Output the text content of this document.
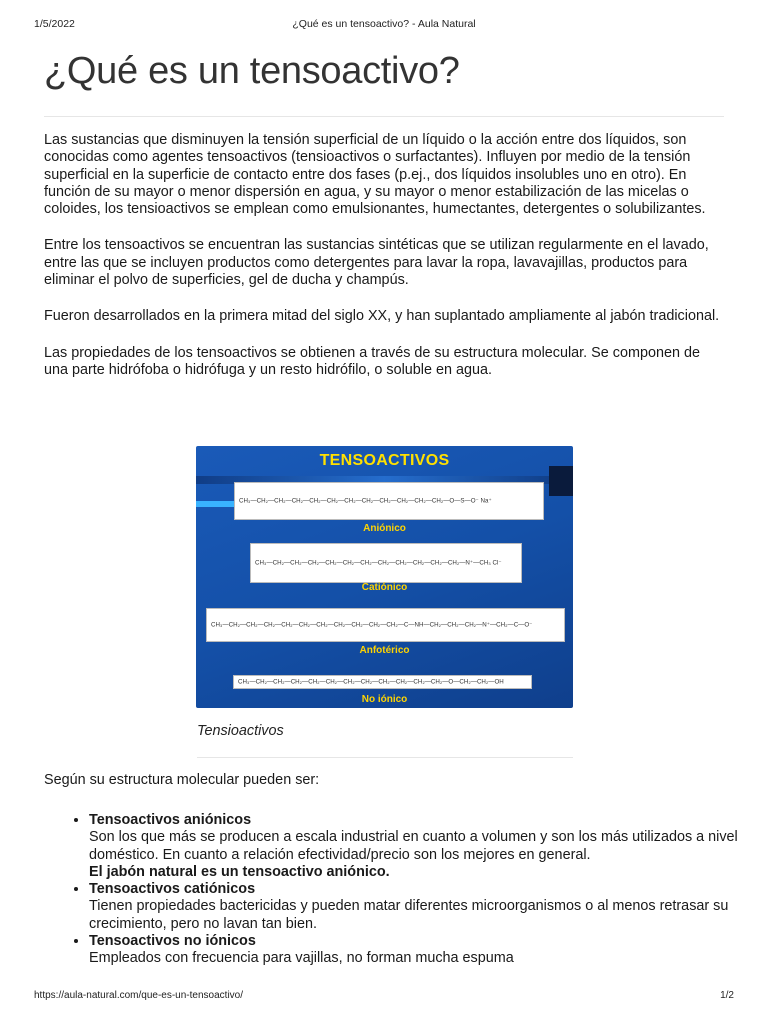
1/5/2022	¿Qué es un tensoactivo? - Aula Natural
¿Qué es un tensoactivo?

Las sustancias que disminuyen la tensión superficial de un líquido o la acción entre dos líquidos, son conocidas como agentes tensoactivos (tensioactivos o surfactantes). Influyen por medio de la tensión superficial en la superficie de contacto entre dos fases (p.ej., dos líquidos insolubles uno en otro). En función de su mayor o menor dispersión en agua, y su mayor o menor estabilización de las micelas o coloides, los tensioactivos se emplean como emulsionantes, humectantes, detergentes o solubilizantes.

Entre los tensoactivos se encuentran las sustancias sintéticas que se utilizan regularmente en el lavado, entre las que se incluyen productos como detergentes para lavar la ropa, lavavajillas, productos para eliminar el polvo de superficies, gel de ducha y champús.

Fueron desarrollados en la primera mitad del siglo XX, y han suplantado ampliamente al jabón tradicional.

Las propiedades de los tensoactivos se obtienen a través de su estructura molecular. Se componen de una parte hidrófoba o hidrófuga y un resto hidrófilo, o soluble en agua.

TENSOACTIVOS
CH₃—CH₂—CH₂—CH₂—CH₂—CH₂—CH₂—CH₂—CH₂—CH₂—CH₂—CH₂—O—S—O⁻ Na⁺
Aniónico
CH₃—CH₂—CH₂—CH₂—CH₂—CH₂—CH₂—CH₂—CH₂—CH₂—CH₂—CH₂—N⁺—CH₃ Cl⁻
Catiónico
CH₃—CH₂—CH₂—CH₂—CH₂—CH₂—CH₂—CH₂—CH₂—CH₂—CH₂—C—NH—CH₂—CH₂—CH₂—N⁺—CH₂—C—O⁻
Anfotérico
CH₃—CH₂—CH₂—CH₂—CH₂—CH₂—CH₂—CH₂—CH₂—CH₂—CH₂—CH₂—O—CH₂—CH₂—OH
No iónico
Tensioactivos
Según su estructura molecular pueden ser:
• Tensoactivos aniónicos
Son los que más se producen a escala industrial en cuanto a volumen y son los más utilizados a nivel doméstico. En cuanto a relación efectividad/precio son los mejores en general.
El jabón natural es un tensoactivo aniónico.
• Tensoactivos catiónicos
Tienen propiedades bactericidas y pueden matar diferentes microorganismos o al menos retrasar su crecimiento, pero no lavan tan bien.
• Tensoactivos no iónicos
Empleados con frecuencia para vajillas, no forman mucha espuma
https://aula-natural.com/que-es-un-tensoactivo/	1/2
